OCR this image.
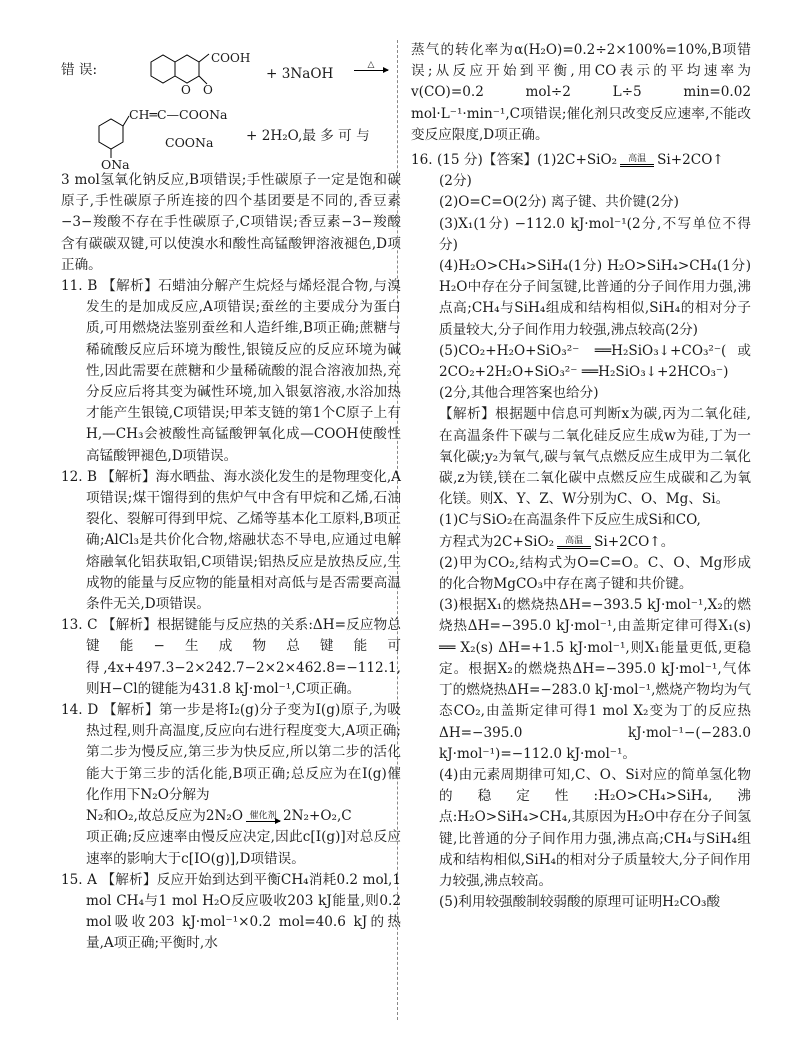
错 误:
COOH
O O
+ 3NaOH
△
CH═C—COONa
COONa + 2H₂O,最 多 可 与
ONa

3 mol氢氧化钠反应,B项错误;手性碳原子一定是饱和碳原子,手性碳原子所连接的四个基团要是不同的,香豆素−3−羧酸不存在手性碳原子,C项错误;香豆素−3−羧酸含有碳碳双键,可以使溴水和酸性高锰酸钾溶液褪色,D项正确。

11. B 【解析】石蜡油分解产生烷烃与烯烃混合物,与溴发生的是加成反应,A项错误;蚕丝的主要成分为蛋白质,可用燃烧法鉴别蚕丝和人造纤维,B项正确;蔗糖与稀硫酸反应后环境为酸性,银镜反应的反应环境为碱性,因此需要在蔗糖和少量稀硫酸的混合溶液加热,充分反应后将其变为碱性环境,加入银氨溶液,水浴加热才能产生银镜,C项错误;甲苯支链的第1个C原子上有H,—CH₃会被酸性高锰酸钾氧化成—COOH使酸性高锰酸钾褪色,D项错误。

12. B 【解析】海水晒盐、海水淡化发生的是物理变化,A项错误;煤干馏得到的焦炉气中含有甲烷和乙烯,石油裂化、裂解可得到甲烷、乙烯等基本化工原料,B项正确;AlCl₃是共价化合物,熔融状态不导电,应通过电解熔融氧化铝获取铝,C项错误;铝热反应是放热反应,生成物的能量与反应物的能量相对高低与是否需要高温条件无关,D项错误。

13. C 【解析】根据键能与反应热的关系:ΔH=反应物总键能−生成物总键能可得,4x+497.3−2×242.7−2×2×462.8=−112.1,则H−Cl的键能为431.8 kJ·mol⁻¹,C项正确。

14. D 【解析】第一步是将I₂(g)分子变为I(g)原子,为吸热过程,则升高温度,反应向右进行程度变大,A项正确;第二步为慢反应,第三步为快反应,所以第二步的活化能大于第三步的活化能,B项正确;总反应为在I(g)催化作用下N₂O分解为

N₂和O₂,故总反应为2N₂O 催化剂 2N₂+O₂,C

项正确;反应速率由慢反应决定,因此c[I(g)]对总反应速率的影响大于c[IO(g)],D项错误。

15. A 【解析】反应开始到达到平衡CH₄消耗0.2 mol,1 mol CH₄与1 mol H₂O反应吸收203 kJ能量,则0.2 mol吸收203 kJ·mol⁻¹×0.2 mol=40.6 kJ的热量,A项正确;平衡时,水

蒸气的转化率为α(H₂O)=0.2÷2×100%=10%,B项错误;从反应开始到平衡,用CO表示的平均速率为v(CO)=0.2 mol÷2 L÷5 min=0.02 mol·L⁻¹·min⁻¹,C项错误;催化剂只改变反应速率,不能改变反应限度,D项正确。

16. (15 分)【答案】(1)2C+SiO₂ 高温 Si+2CO↑

(2分)

(2)O=C=O(2分) 离子键、共价键(2分)

(3)X₁(1分) −112.0 kJ·mol⁻¹(2分,不写单位不得分)

(4)H₂O>CH₄>SiH₄(1分) H₂O>SiH₄>CH₄(1分) H₂O中存在分子间氢键,比普通的分子间作用力强,沸点高;CH₄与SiH₄组成和结构相似,SiH₄的相对分子质量较大,分子间作用力较强,沸点较高(2分)

(5)CO₂+H₂O+SiO₃²⁻ ══H₂SiO₃↓+CO₃²⁻(或2CO₂+2H₂O+SiO₃²⁻ ══H₂SiO₃↓+2HCO₃⁻)

(2分,其他合理答案也给分)

【解析】根据题中信息可判断x为碳,丙为二氧化硅,在高温条件下碳与二氧化硅反应生成w为硅,丁为一氧化碳;y₂为氧气,碳与氧气点燃反应生成甲为二氧化碳,z为镁,镁在二氧化碳中点燃反应生成碳和乙为氧化镁。则X、Y、Z、W分别为C、O、Mg、Si。

(1)C与SiO₂在高温条件下反应生成Si和CO,

方程式为2C+SiO₂ 高温 Si+2CO↑。

(2)甲为CO₂,结构式为O=C=O。C、O、Mg形成的化合物MgCO₃中存在离子键和共价键。

(3)根据X₁的燃烧热ΔH=−393.5 kJ·mol⁻¹,X₂的燃烧热ΔH=−395.0 kJ·mol⁻¹,由盖斯定律可得X₁(s) ══ X₂(s) ΔH=+1.5 kJ·mol⁻¹,则X₁能量更低,更稳定。根据X₂的燃烧热ΔH=−395.0 kJ·mol⁻¹,气体丁的燃烧热ΔH=−283.0 kJ·mol⁻¹,燃烧产物均为气态CO₂,由盖斯定律可得1 mol X₂变为丁的反应热ΔH=−395.0 kJ·mol⁻¹−(−283.0 kJ·mol⁻¹)=−112.0 kJ·mol⁻¹。

(4)由元素周期律可知,C、O、Si对应的简单氢化物的稳定性:H₂O>CH₄>SiH₄,沸点:H₂O>SiH₄>CH₄,其原因为H₂O中存在分子间氢键,比普通的分子间作用力强,沸点高;CH₄与SiH₄组成和结构相似,SiH₄的相对分子质量较大,分子间作用力较强,沸点较高。

(5)利用较强酸制较弱酸的原理可证明H₂CO₃酸
